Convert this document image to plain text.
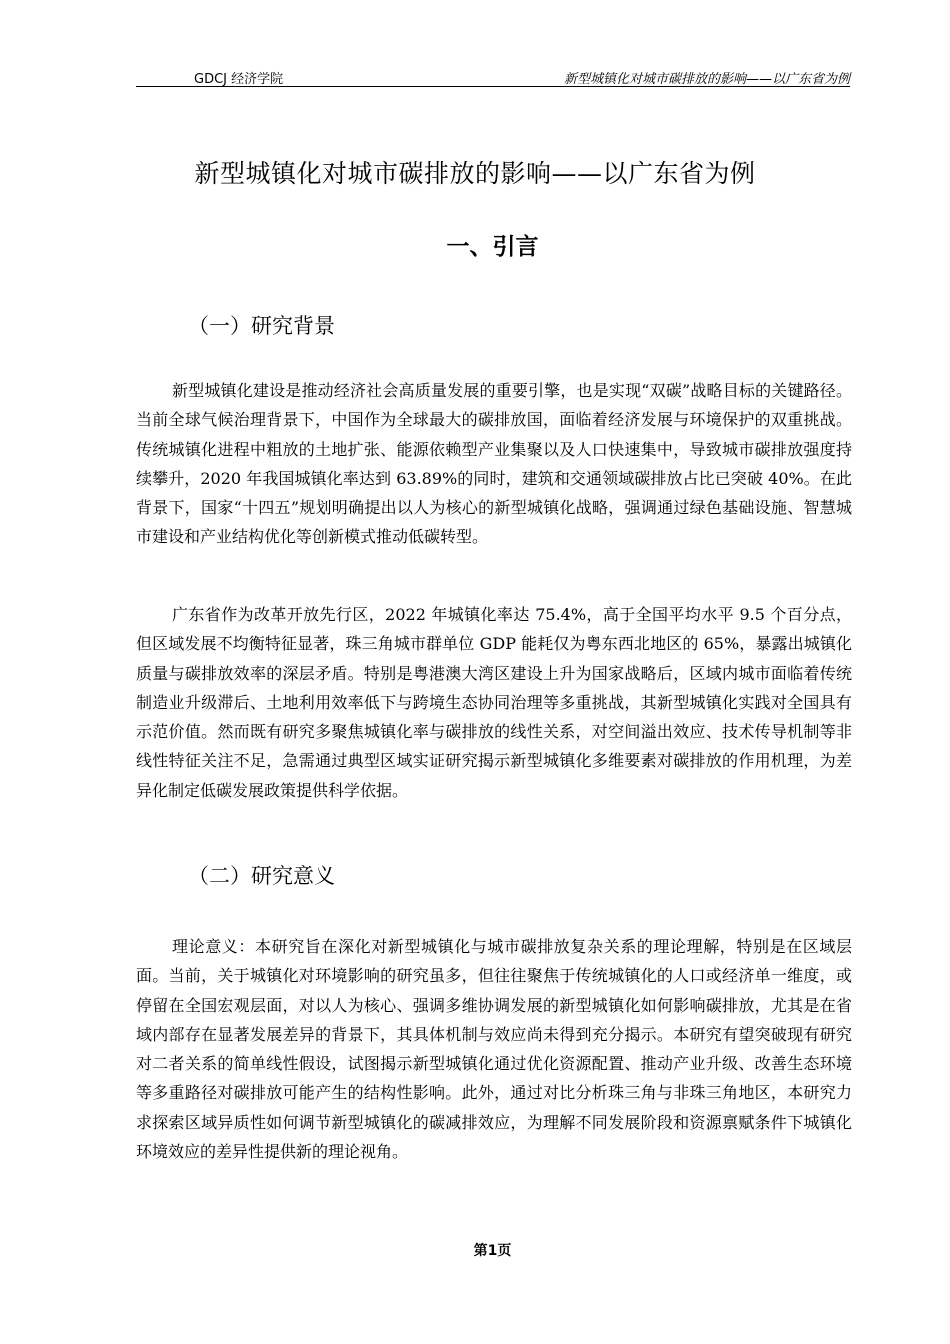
GDCJ 经济学院	新型城镇化对城市碳排放的影响——以广东省为例
新型城镇化对城市碳排放的影响——以广东省为例
一、引言
（一）研究背景

新型城镇化建设是推动经济社会高质量发展的重要引擎，也是实现“双碳”战略目标的关键路径。当前全球气候治理背景下，中国作为全球最大的碳排放国，面临着经济发展与环境保护的双重挑战。传统城镇化进程中粗放的土地扩张、能源依赖型产业集聚以及人口快速集中，导致城市碳排放强度持续攀升，2020 年我国城镇化率达到 63.89%的同时，建筑和交通领域碳排放占比已突破 40%。在此背景下，国家“十四五”规划明确提出以人为核心的新型城镇化战略，强调通过绿色基础设施、智慧城市建设和产业结构优化等创新模式推动低碳转型。

广东省作为改革开放先行区，2022 年城镇化率达 75.4%，高于全国平均水平 9.5 个百分点，但区域发展不均衡特征显著，珠三角城市群单位 GDP 能耗仅为粤东西北地区的 65%，暴露出城镇化质量与碳排放效率的深层矛盾。特别是粤港澳大湾区建设上升为国家战略后，区域内城市面临着传统制造业升级滞后、土地利用效率低下与跨境生态协同治理等多重挑战，其新型城镇化实践对全国具有示范价值。然而既有研究多聚焦城镇化率与碳排放的线性关系，对空间溢出效应、技术传导机制等非线性特征关注不足，急需通过典型区域实证研究揭示新型城镇化多维要素对碳排放的作用机理，为差异化制定低碳发展政策提供科学依据。

（二）研究意义

理论意义：本研究旨在深化对新型城镇化与城市碳排放复杂关系的理论理解，特别是在区域层面。当前，关于城镇化对环境影响的研究虽多，但往往聚焦于传统城镇化的人口或经济单一维度，或停留在全国宏观层面，对以人为核心、强调多维协调发展的新型城镇化如何影响碳排放，尤其是在省域内部存在显著发展差异的背景下，其具体机制与效应尚未得到充分揭示。本研究有望突破现有研究对二者关系的简单线性假设，试图揭示新型城镇化通过优化资源配置、推动产业升级、改善生态环境等多重路径对碳排放可能产生的结构性影响。此外，通过对比分析珠三角与非珠三角地区，本研究力求探索区域异质性如何调节新型城镇化的碳减排效应，为理解不同发展阶段和资源禀赋条件下城镇化环境效应的差异性提供新的理论视角。

第1页
